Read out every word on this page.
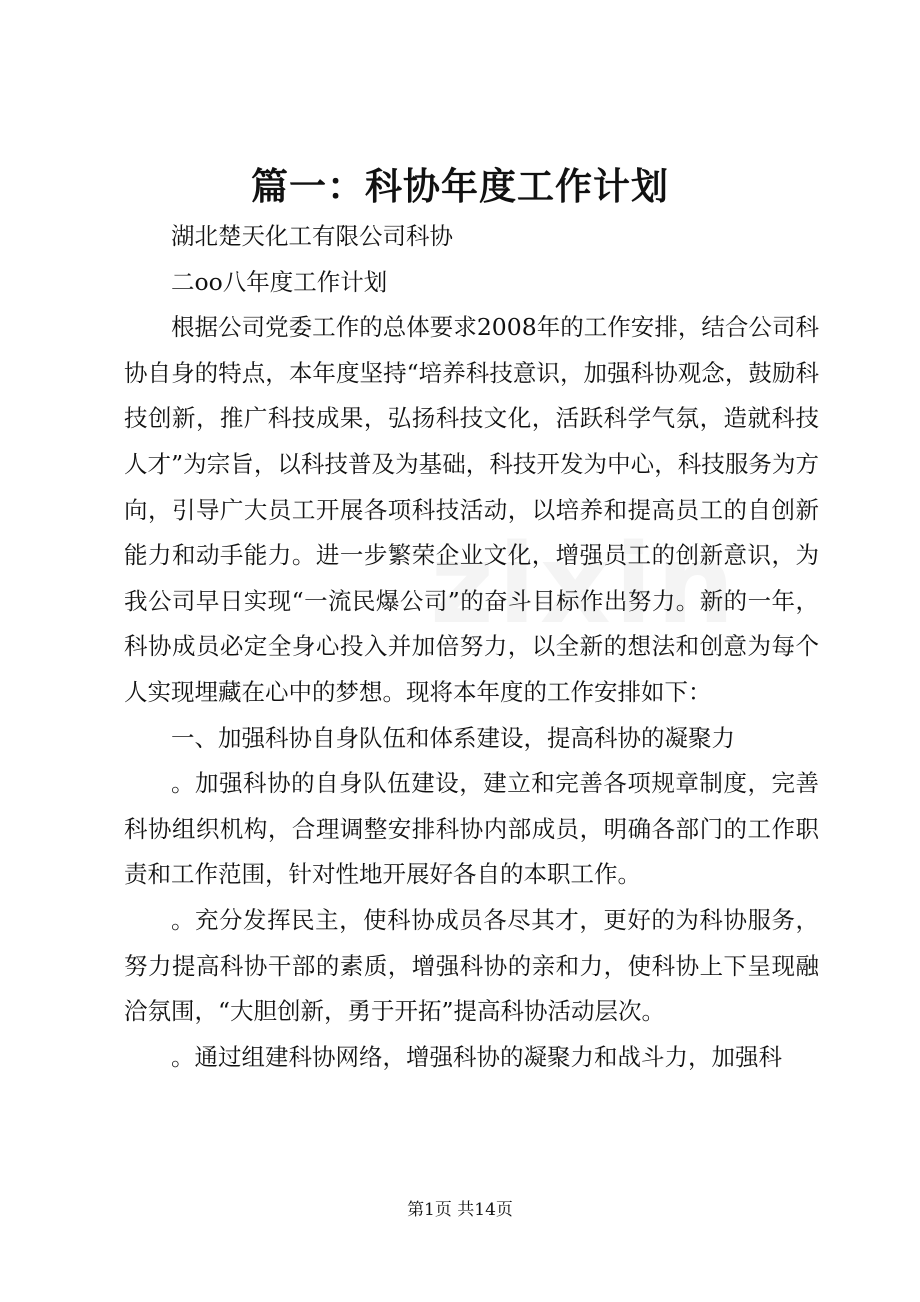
篇一：科协年度工作计划

湖北楚天化工有限公司科协

二oo八年度工作计划

根据公司党委工作的总体要求2008年的工作安排，结合公司科协自身的特点，本年度坚持“培养科技意识，加强科协观念，鼓励科技创新，推广科技成果，弘扬科技文化，活跃科学气氛，造就科技人才”为宗旨，以科技普及为基础，科技开发为中心，科技服务为方向，引导广大员工开展各项科技活动，以培养和提高员工的自创新能力和动手能力。进一步繁荣企业文化，增强员工的创新意识，为我公司早日实现“一流民爆公司”的奋斗目标作出努力。新的一年，科协成员必定全身心投入并加倍努力，以全新的想法和创意为每个人实现埋藏在心中的梦想。现将本年度的工作安排如下：

一、加强科协自身队伍和体系建设，提高科协的凝聚力

。加强科协的自身队伍建设，建立和完善各项规章制度，完善科协组织机构，合理调整安排科协内部成员，明确各部门的工作职责和工作范围，针对性地开展好各自的本职工作。

。充分发挥民主，使科协成员各尽其才，更好的为科协服务，努力提高科协干部的素质，增强科协的亲和力，使科协上下呈现融洽氛围，“大胆创新，勇于开拓”提高科协活动层次。

。通过组建科协网络，增强科协的凝聚力和战斗力，加强科

第1页 共14页
